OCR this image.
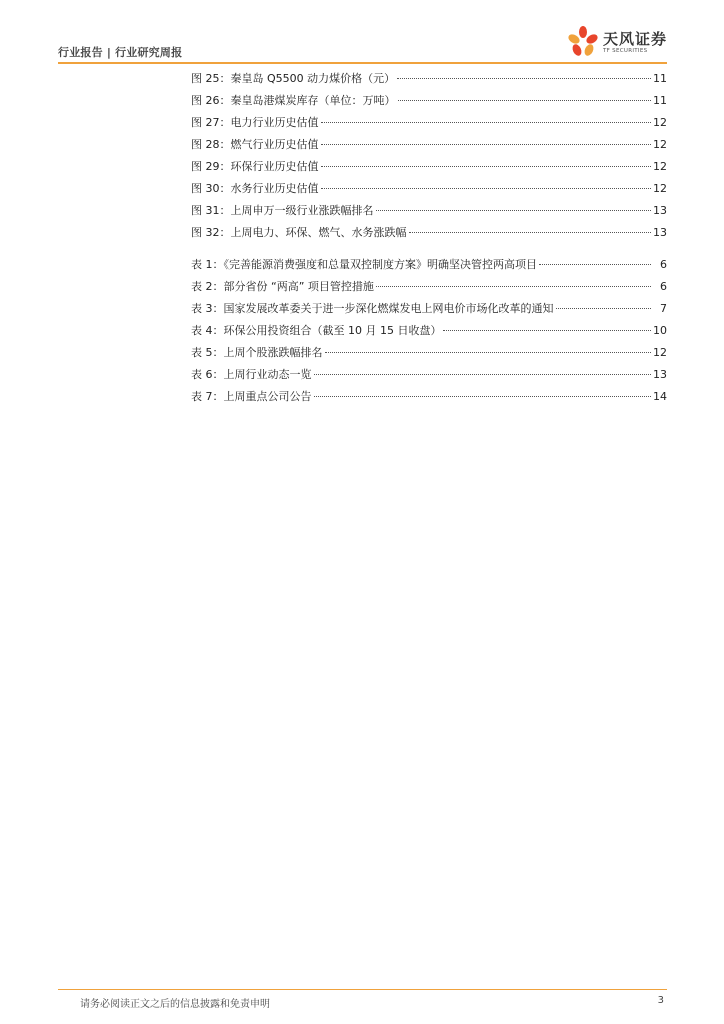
行业报告 | 行业研究周报
天风证券
TF SECURITIES
图 25：秦皇岛 Q5500 动力煤价格（元）	11
图 26：秦皇岛港煤炭库存（单位：万吨）	11
图 27：电力行业历史估值	12
图 28：燃气行业历史估值	12
图 29：环保行业历史估值	12
图 30：水务行业历史估值	12
图 31：上周申万一级行业涨跌幅排名	13
图 32：上周电力、环保、燃气、水务涨跌幅	13
表 1：《完善能源消费强度和总量双控制度方案》明确坚决管控两高项目	6
表 2：部分省份 “两高” 项目管控措施	6
表 3：国家发展改革委关于进一步深化燃煤发电上网电价市场化改革的通知	7
表 4：环保公用投资组合（截至 10 月 15 日收盘）	10
表 5：上周个股涨跌幅排名	12
表 6：上周行业动态一览	13
表 7：上周重点公司公告	14
请务必阅读正文之后的信息披露和免责申明	3
